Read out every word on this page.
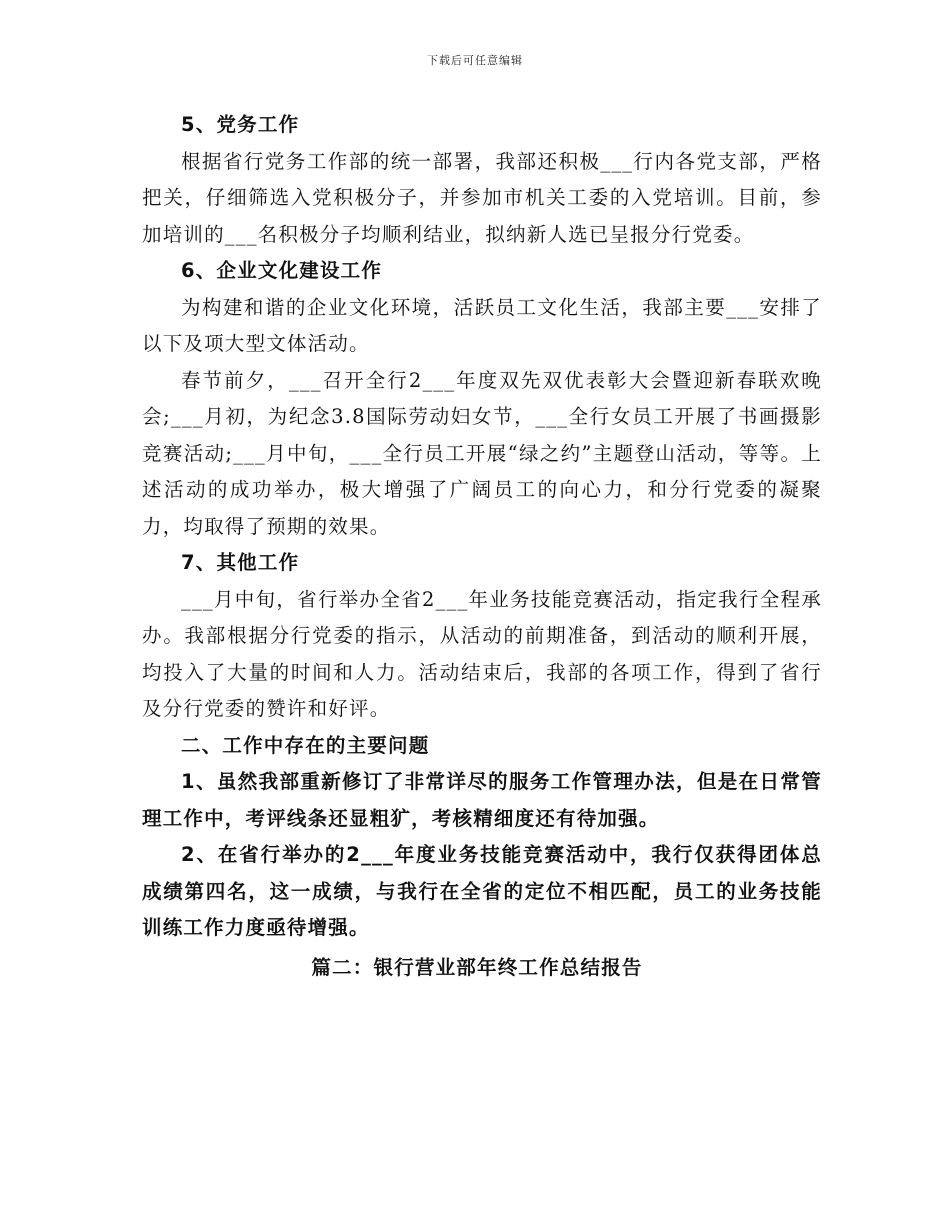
下载后可任意编辑

5、党务工作

根据省行党务工作部的统一部署，我部还积极___行内各党支部，严格把关，仔细筛选入党积极分子，并参加市机关工委的入党培训。目前，参加培训的___名积极分子均顺利结业，拟纳新人选已呈报分行党委。

6、企业文化建设工作

为构建和谐的企业文化环境，活跃员工文化生活，我部主要___安排了以下及项大型文体活动。

春节前夕，___召开全行2___年度双先双优表彰大会暨迎新春联欢晚会;___月初，为纪念3.8国际劳动妇女节，___全行女员工开展了书画摄影竞赛活动;___月中旬，___全行员工开展“绿之约”主题登山活动，等等。上述活动的成功举办，极大增强了广阔员工的向心力，和分行党委的凝聚力，均取得了预期的效果。

7、其他工作

___月中旬，省行举办全省2___年业务技能竞赛活动，指定我行全程承办。我部根据分行党委的指示，从活动的前期准备，到活动的顺利开展，均投入了大量的时间和人力。活动结束后，我部的各项工作，得到了省行及分行党委的赞许和好评。

二、工作中存在的主要问题

1、虽然我部重新修订了非常详尽的服务工作管理办法，但是在日常管理工作中，考评线条还显粗犷，考核精细度还有待加强。

2、在省行举办的2___年度业务技能竞赛活动中，我行仅获得团体总成绩第四名，这一成绩，与我行在全省的定位不相匹配，员工的业务技能训练工作力度亟待增强。

篇二：银行营业部年终工作总结报告
